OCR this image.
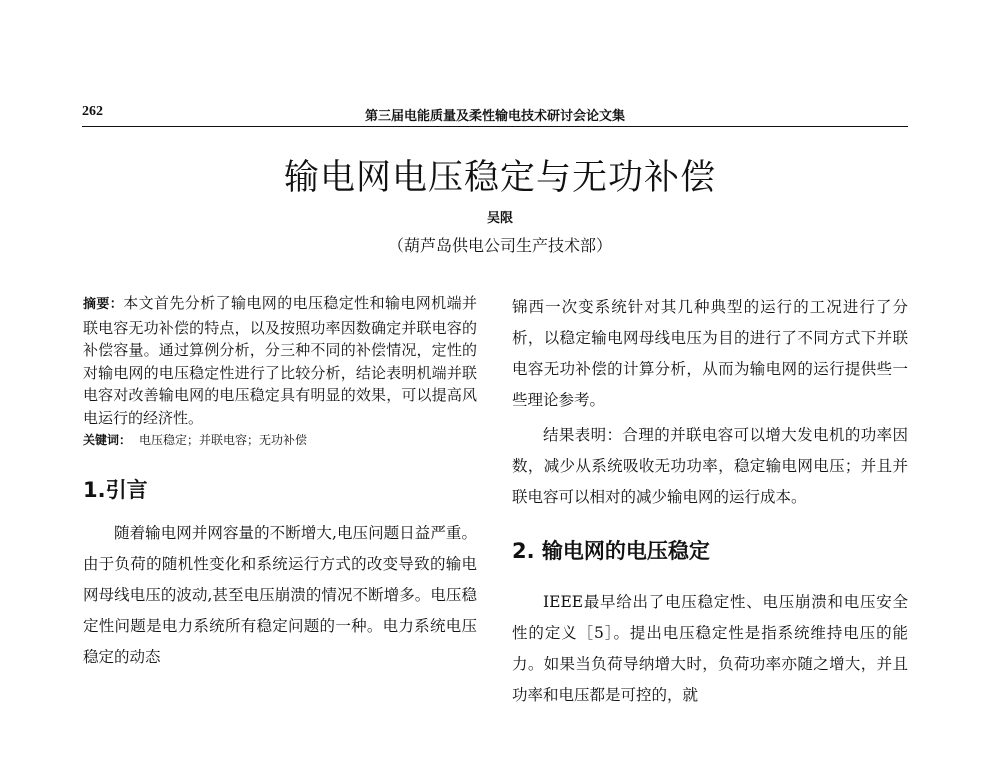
262	第三届电能质量及柔性输电技术研讨会论文集
输电网电压稳定与无功补偿
吴限
（葫芦岛供电公司生产技术部）

摘要：本文首先分析了输电网的电压稳定性和输电网机端并联电容无功补偿的特点，以及按照功率因数确定并联电容的补偿容量。通过算例分析，分三种不同的补偿情况，定性的对输电网的电压稳定性进行了比较分析，结论表明机端并联电容对改善输电网的电压稳定具有明显的效果，可以提高风电运行的经济性。

关键词： 电压稳定；并联电容；无功补偿
1.引言

随着输电网并网容量的不断增大,电压问题日益严重。由于负荷的随机性变化和系统运行方式的改变导致的输电网母线电压的波动,甚至电压崩溃的情况不断增多。电压稳定性问题是电力系统所有稳定问题的一种。电力系统电压稳定的动态

锦西一次变系统针对其几种典型的运行的工况进行了分析，以稳定输电网母线电压为目的进行了不同方式下并联电容无功补偿的计算分析，从而为输电网的运行提供些一些理论参考。

结果表明：合理的并联电容可以增大发电机的功率因数，减少从系统吸收无功功率，稳定输电网电压；并且并联电容可以相对的减少输电网的运行成本。

2. 输电网的电压稳定

IEEE最早给出了电压稳定性、电压崩溃和电压安全性的定义［5］。提出电压稳定性是指系统维持电压的能力。如果当负荷导纳增大时，负荷功率亦随之增大，并且功率和电压都是可控的，就
